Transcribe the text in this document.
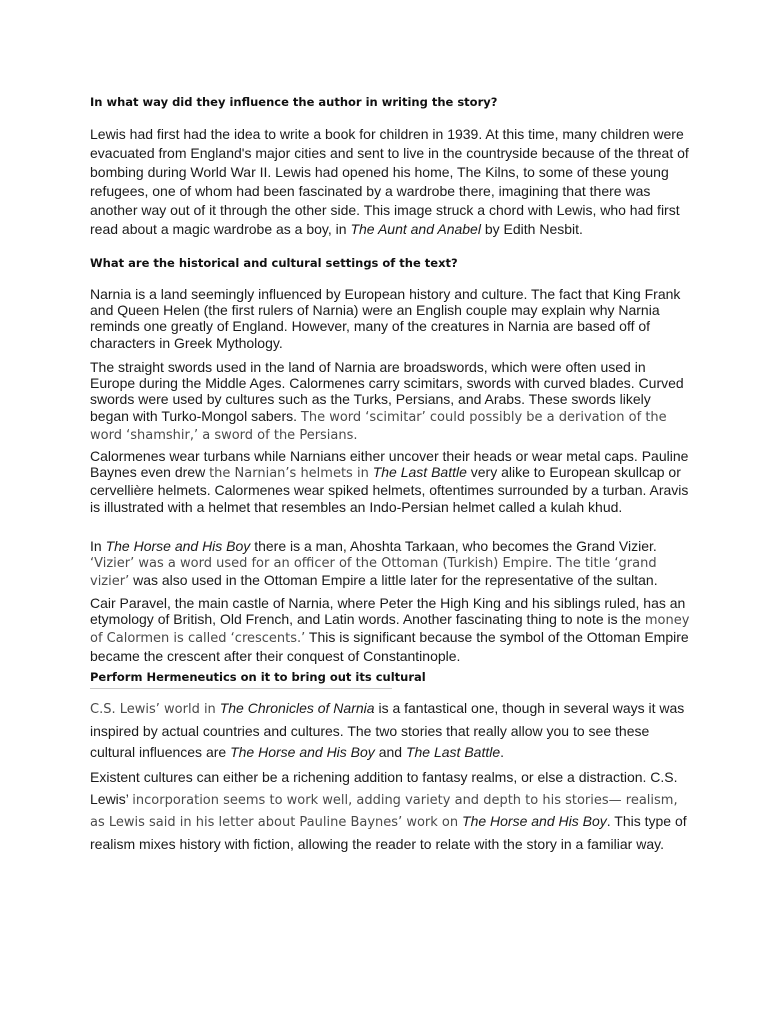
In what way did they influence the author in writing the story?

Lewis had first had the idea to write a book for children in 1939. At this time, many children were evacuated from England's major cities and sent to live in the countryside because of the threat of bombing during World War II. Lewis had opened his home, The Kilns, to some of these young refugees, one of whom had been fascinated by a wardrobe there, imagining that there was another way out of it through the other side. This image struck a chord with Lewis, who had first read about a magic wardrobe as a boy, in The Aunt and Anabel by Edith Nesbit.

What are the historical and cultural settings of the text?

Narnia is a land seemingly influenced by European history and culture. The fact that King Frank and Queen Helen (the first rulers of Narnia) were an English couple may explain why Narnia reminds one greatly of England. However, many of the creatures in Narnia are based off of characters in Greek Mythology.

The straight swords used in the land of Narnia are broadswords, which were often used in Europe during the Middle Ages. Calormenes carry scimitars, swords with curved blades. Curved swords were used by cultures such as the Turks, Persians, and Arabs. These swords likely began with Turko-Mongol sabers. The word ‘scimitar’ could possibly be a derivation of the word ‘shamshir,’ a sword of the Persians.

Calormenes wear turbans while Narnians either uncover their heads or wear metal caps. Pauline Baynes even drew the Narnian’s helmets in The Last Battle very alike to European skullcap or cervellière helmets. Calormenes wear spiked helmets, oftentimes surrounded by a turban. Aravis is illustrated with a helmet that resembles an Indo-Persian helmet called a kulah khud.

In The Horse and His Boy there is a man, Ahoshta Tarkaan, who becomes the Grand Vizier. ‘Vizier’ was a word used for an officer of the Ottoman (Turkish) Empire. The title ‘grand vizier’ was also used in the Ottoman Empire a little later for the representative of the sultan.

Cair Paravel, the main castle of Narnia, where Peter the High King and his siblings ruled, has an etymology of British, Old French, and Latin words. Another fascinating thing to note is the money of Calormen is called ‘crescents.’ This is significant because the symbol of the Ottoman Empire became the crescent after their conquest of Constantinople.

Perform Hermeneutics on it to bring out its cultural

C.S. Lewis’ world in The Chronicles of Narnia is a fantastical one, though in several ways it was inspired by actual countries and cultures. The two stories that really allow you to see these cultural influences are The Horse and His Boy and The Last Battle.

Existent cultures can either be a richening addition to fantasy realms, or else a distraction. C.S. Lewis’ incorporation seems to work well, adding variety and depth to his stories— realism, as Lewis said in his letter about Pauline Baynes’ work on The Horse and His Boy. This type of realism mixes history with fiction, allowing the reader to relate with the story in a familiar way.
